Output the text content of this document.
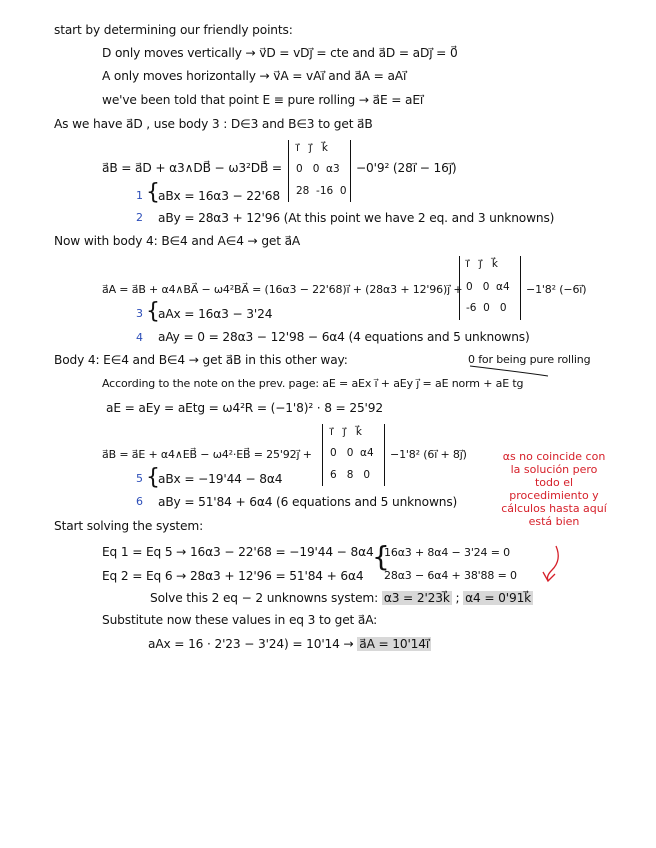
start by determining our friendly points:
D only moves vertically → v⃗D = vDj⃗ = cte and a⃗D = aDj⃗ = 0⃗
A only moves horizontally → v⃗A = vAi⃗ and a⃗A = aAi⃗
we've been told that point E ≡ pure rolling → a⃗E = aEi⃗
As we have a⃗D , use body 3 : D∈3 and B∈3 to get a⃗B
a⃗B = a⃗D + α3∧DB⃗ − ω3²DB⃗ =
i⃗   j⃗   k⃗
0   0  α3
28  -16  0
−0'9² (28i⃗ − 16j⃗)
1 {
aBx = 16α3 − 22'68
2 aBy = 28α3 + 12'96 (At this point we have 2 eq. and 3 unknowns)
Now with body 4: B∈4 and A∈4 → get a⃗A
a⃗A = a⃗B + α4∧BA⃗ − ω4²BA⃗ = (16α3 − 22'68)i⃗ + (28α3 + 12'96)j⃗ +
i⃗   j⃗   k⃗
0   0  α4
-6  0   0
−1'8² (−6i⃗)
3 {
aAx = 16α3 − 3'24
4 aAy = 0 = 28α3 − 12'98 − 6α4 (4 equations and 5 unknowns)
Body 4: E∈4 and B∈4 → get a⃗B in this other way:	0 for being pure rolling
According to the note on the prev. page: aE = aEx i⃗ + aEy j⃗ = aE norm + aE tg
aE = aEy = aEtg = ω4²R = (−1'8)² · 8 = 25'92
a⃗B = a⃗E + α4∧EB⃗ − ω4²·EB⃗ = 25'92j⃗ +
i⃗   j⃗   k⃗
0   0  α4
6   8   0
−1'8² (6i⃗ + 8j⃗)
5 {
aBx = −19'44 − 8α4
6 aBy = 51'84 + 6α4 (6 equations and 5 unknowns)
αs no coincide con la solución pero todo el procedimiento y cálculos hasta aquí está bien
Start solving the system:
Eq 1 = Eq 5 → 16α3 − 22'68 = −19'44 − 8α4
{
16α3 + 8α4 − 3'24 = 0
Eq 2 = Eq 6 → 28α3 + 12'96 = 51'84 + 6α4 28α3 − 6α4 + 38'88 = 0
Solve this 2 eq − 2 unknowns system: α3 = 2'23k⃗ ; α4 = 0'91k⃗
Substitute now these values in eq 3 to get a⃗A:
aAx = 16 · 2'23 − 3'24) = 10'14 → a⃗A = 10'14i⃗
